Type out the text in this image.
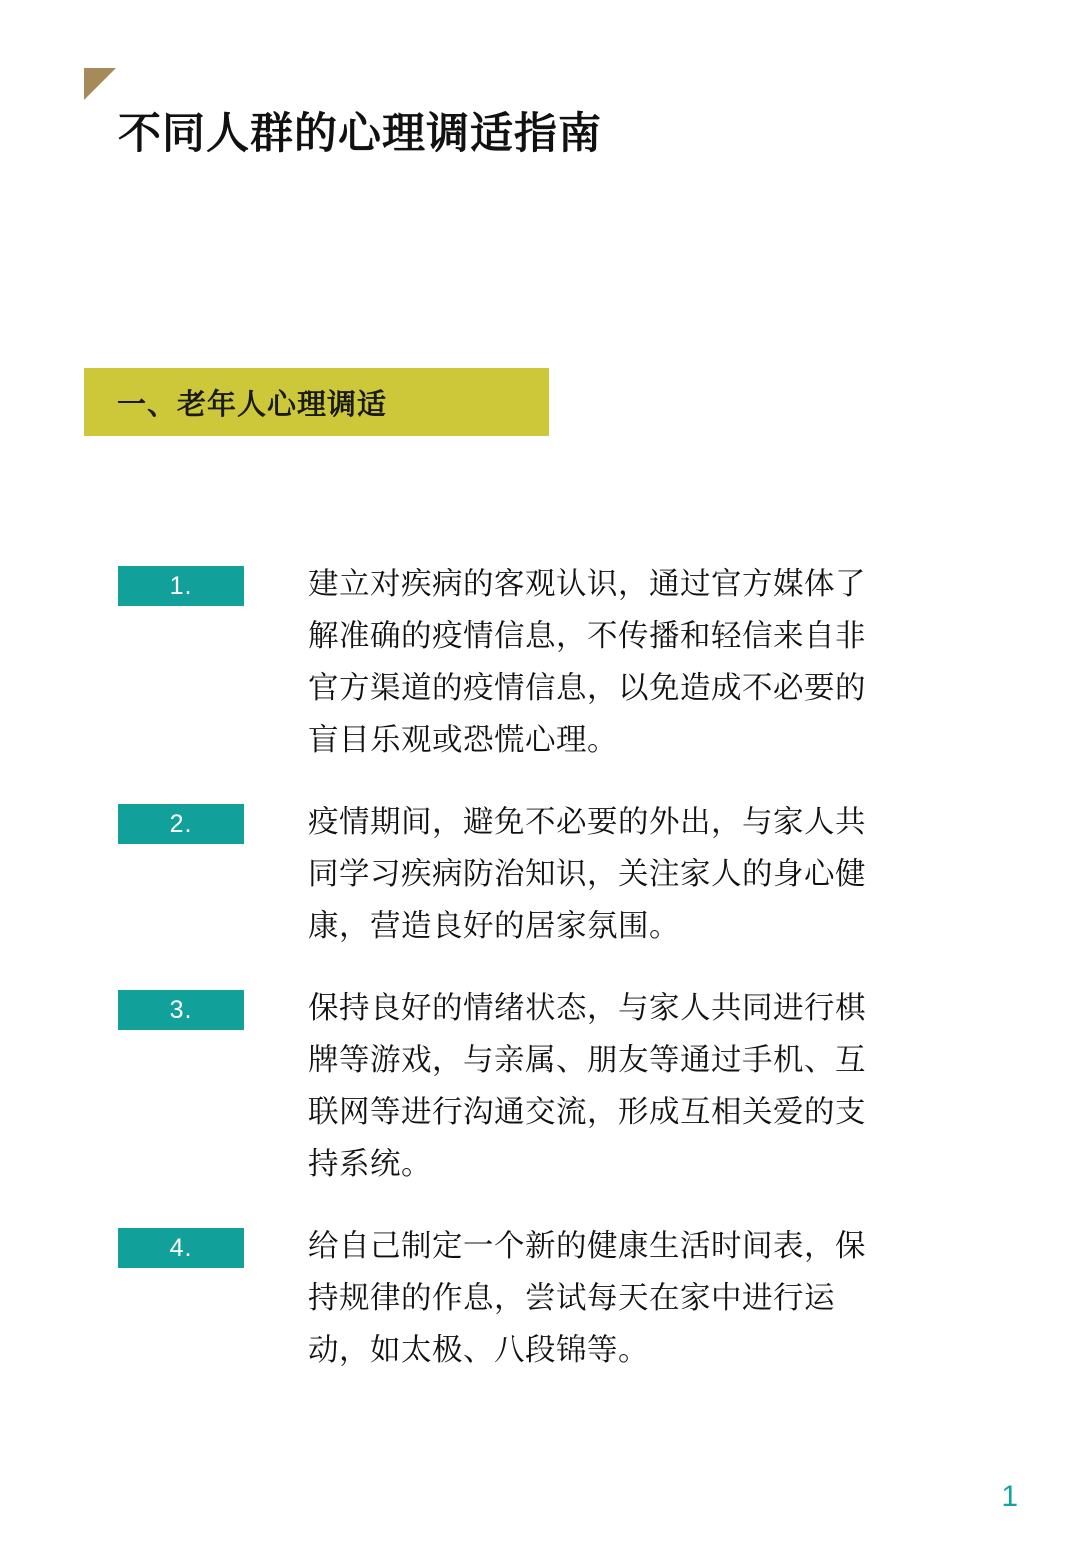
不同人群的心理调适指南
一、老年人心理调适
1.	建立对疾病的客观认识，通过官方媒体了解准确的疫情信息，不传播和轻信来自非官方渠道的疫情信息，以免造成不必要的盲目乐观或恐慌心理。
2.	疫情期间，避免不必要的外出，与家人共同学习疾病防治知识，关注家人的身心健康，营造良好的居家氛围。
3.	保持良好的情绪状态，与家人共同进行棋牌等游戏，与亲属、朋友等通过手机、互联网等进行沟通交流，形成互相关爱的支持系统。
4.	给自己制定一个新的健康生活时间表，保持规律的作息，尝试每天在家中进行运动，如太极、八段锦等。
1
